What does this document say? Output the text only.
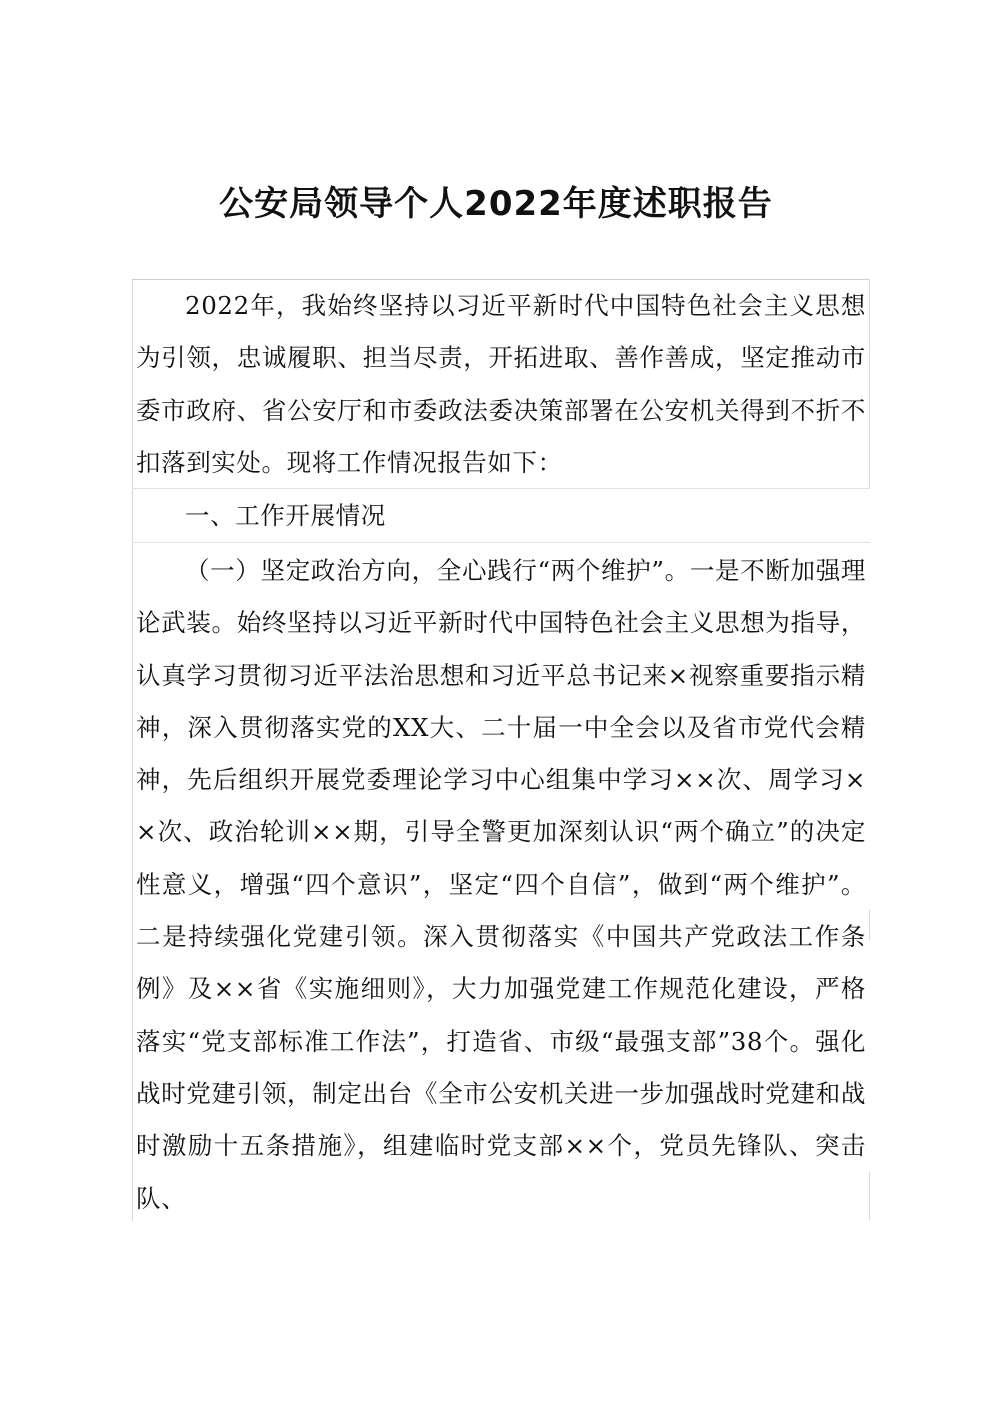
公安局领导个人2022年度述职报告

2022年，我始终坚持以习近平新时代中国特色社会主义思想为引领，忠诚履职、担当尽责，开拓进取、善作善成，坚定推动市委市政府、省公安厅和市委政法委决策部署在公安机关得到不折不扣落到实处。现将工作情况报告如下：

一、工作开展情况

（一）坚定政治方向，全心践行“两个维护”。一是不断加强理论武装。始终坚持以习近平新时代中国特色社会主义思想为指导，认真学习贯彻习近平法治思想和习近平总书记来×视察重要指示精神，深入贯彻落实党的XX大、二十届一中全会以及省市党代会精神，先后组织开展党委理论学习中心组集中学习××次、周学习××次、政治轮训××期，引导全警更加深刻认识“两个确立”的决定性意义，增强“四个意识”，坚定“四个自信”，做到“两个维护”。二是持续强化党建引领。深入贯彻落实《中国共产党政法工作条例》及××省《实施细则》，大力加强党建工作规范化建设，严格落实“党支部标准工作法”，打造省、市级“最强支部”38个。强化战时党建引领，制定出台《全市公安机关进一步加强战时党建和战时激励十五条措施》，组建临时党支部××个，党员先锋队、突击队、
